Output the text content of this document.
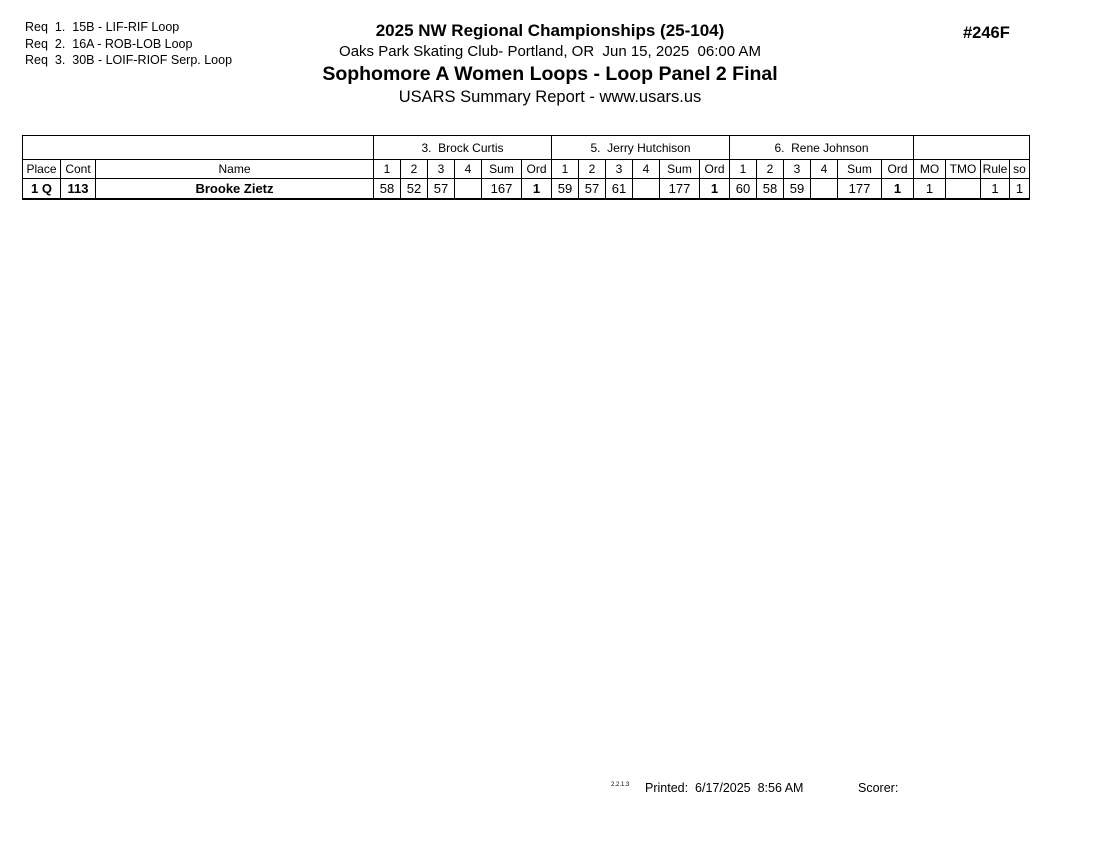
Req  1.  15B - LIF-RIF Loop
Req  2.  16A - ROB-LOB Loop
Req  3.  30B - LOIF-RIOF Serp. Loop
2025 NW Regional Championships (25-104)
Oaks Park Skating Club- Portland, OR  Jun 15, 2025  06:00 AM
Sophomore A Women Loops - Loop Panel 2 Final
USARS Summary Report - www.usars.us
#246F
			3.  Brock Curtis						5.  Jerry Hutchison						6.  Rene Johnson									
Place	Cont	Name	1	2	3	4	Sum	Ord	1	2	3	4	Sum	Ord	1	2	3	4	Sum	Ord	MO	TMO	Rule	so
1 Q	113	Brooke Zietz	58	52	57		167	1	59	57	61		177	1	60	58	59		177	1	1		1	1
2.2.1.3 Printed:  6/17/2025  8:56 AM	Scorer:
